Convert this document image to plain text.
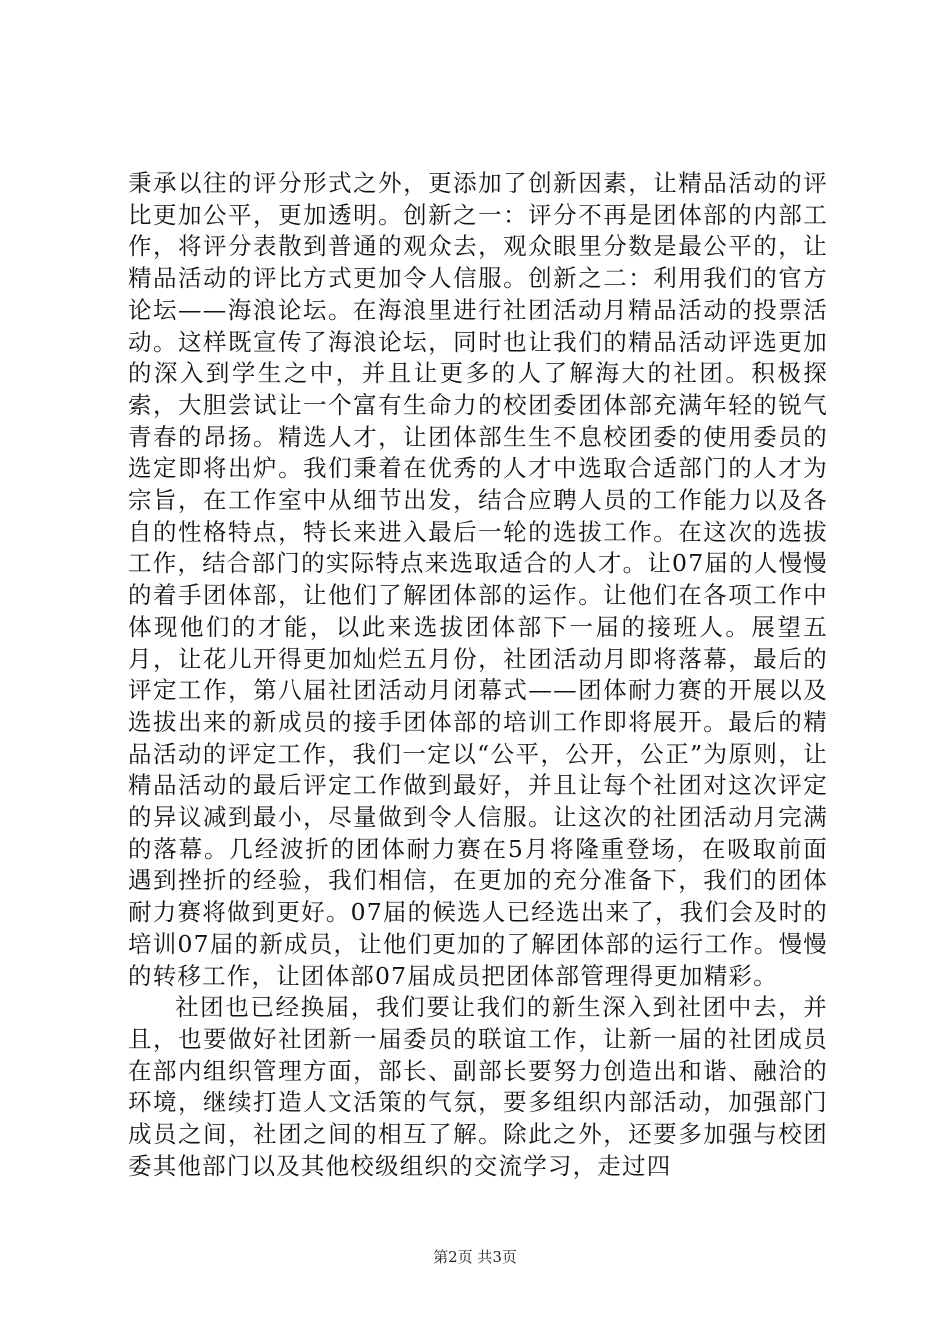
秉承以往的评分形式之外，更添加了创新因素，让精品活动的评比更加公平，更加透明。创新之一：评分不再是团体部的内部工作，将评分表散到普通的观众去，观众眼里分数是最公平的，让精品活动的评比方式更加令人信服。创新之二：利用我们的官方论坛——海浪论坛。在海浪里进行社团活动月精品活动的投票活动。这样既宣传了海浪论坛，同时也让我们的精品活动评选更加的深入到学生之中，并且让更多的人了解海大的社团。积极探索，大胆尝试让一个富有生命力的校团委团体部充满年轻的锐气青春的昂扬。精选人才，让团体部生生不息校团委的使用委员的选定即将出炉。我们秉着在优秀的人才中选取合适部门的人才为宗旨，在工作室中从细节出发，结合应聘人员的工作能力以及各自的性格特点，特长来进入最后一轮的选拔工作。在这次的选拔工作，结合部门的实际特点来选取适合的人才。让07届的人慢慢的着手团体部，让他们了解团体部的运作。让他们在各项工作中体现他们的才能，以此来选拔团体部下一届的接班人。展望五月，让花儿开得更加灿烂五月份，社团活动月即将落幕，最后的评定工作，第八届社团活动月闭幕式——团体耐力赛的开展以及选拔出来的新成员的接手团体部的培训工作即将展开。最后的精品活动的评定工作，我们一定以“公平，公开，公正”为原则，让精品活动的最后评定工作做到最好，并且让每个社团对这次评定的异议减到最小，尽量做到令人信服。让这次的社团活动月完满的落幕。几经波折的团体耐力赛在5月将隆重登场，在吸取前面遇到挫折的经验，我们相信，在更加的充分准备下，我们的团体耐力赛将做到更好。07届的候选人已经选出来了，我们会及时的培训07届的新成员，让他们更加的了解团体部的运行工作。慢慢的转移工作，让团体部07届成员把团体部管理得更加精彩。

社团也已经换届，我们要让我们的新生深入到社团中去，并且，也要做好社团新一届委员的联谊工作，让新一届的社团成员在部内组织管理方面，部长、副部长要努力创造出和谐、融洽的环境，继续打造人文活策的气氛，要多组织内部活动，加强部门成员之间，社团之间的相互了解。除此之外，还要多加强与校团委其他部门以及其他校级组织的交流学习，走过四

第2页 共3页
